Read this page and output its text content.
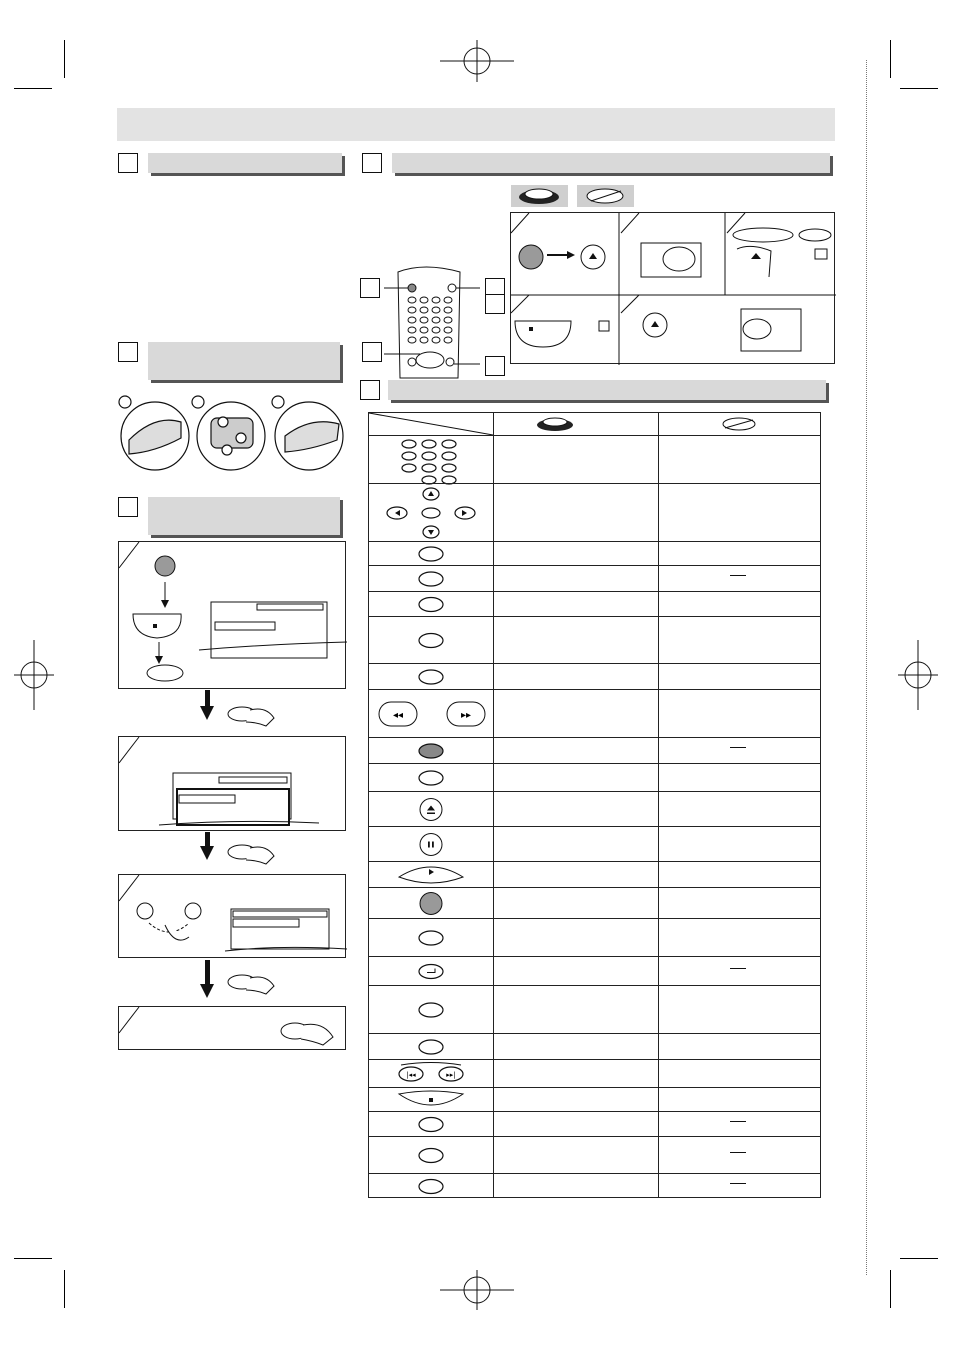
◂◂	▸▸
|◂◂	▸▸|
